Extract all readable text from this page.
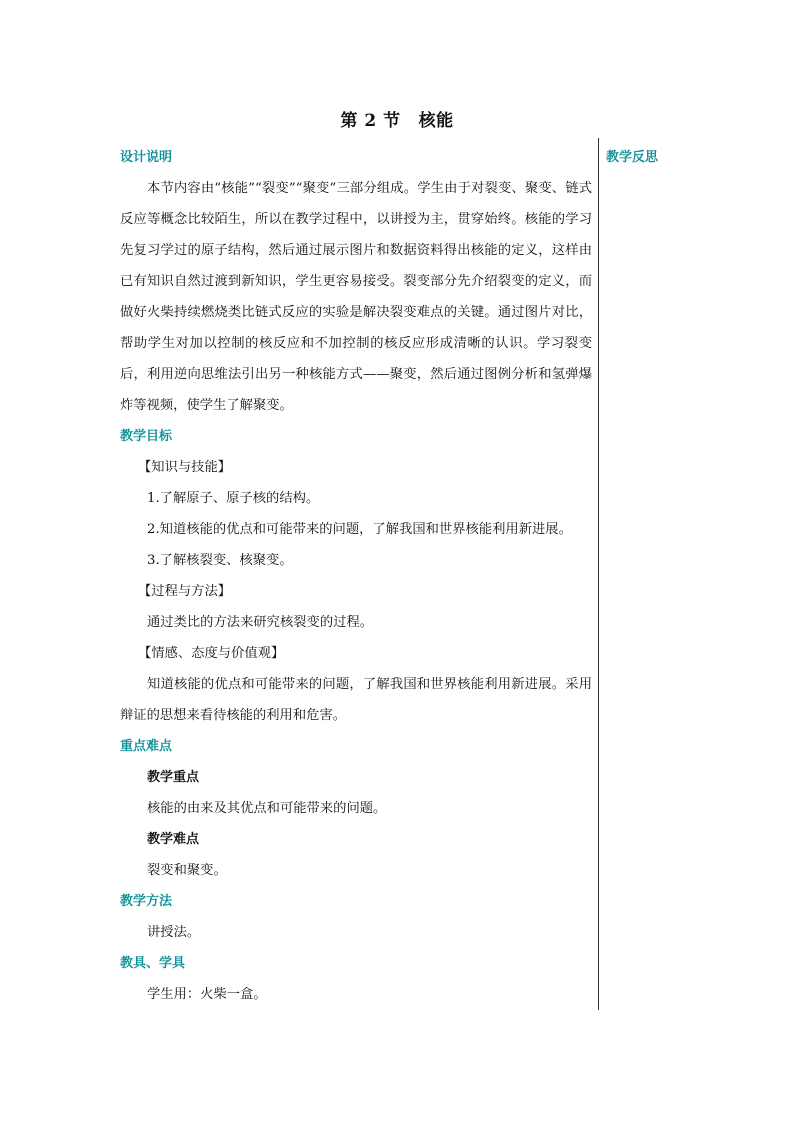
第 2 节 核能
教学反思

设计说明

本节内容由“核能”“裂变”“聚变”三部分组成。学生由于对裂变、聚变、链式反应等概念比较陌生，所以在教学过程中，以讲授为主，贯穿始终。核能的学习先复习学过的原子结构，然后通过展示图片和数据资料得出核能的定义，这样由已有知识自然过渡到新知识，学生更容易接受。裂变部分先介绍裂变的定义，而做好火柴持续燃烧类比链式反应的实验是解决裂变难点的关键。通过图片对比，帮助学生对加以控制的核反应和不加控制的核反应形成清晰的认识。学习裂变后，利用逆向思维法引出另一种核能方式——聚变，然后通过图例分析和氢弹爆炸等视频，使学生了解聚变。

教学目标

【知识与技能】

1.了解原子、原子核的结构。

2.知道核能的优点和可能带来的问题，了解我国和世界核能利用新进展。

3.了解核裂变、核聚变。

【过程与方法】

通过类比的方法来研究核裂变的过程。

【情感、态度与价值观】

知道核能的优点和可能带来的问题，了解我国和世界核能利用新进展。采用辩证的思想来看待核能的利用和危害。

重点难点

教学重点

核能的由来及其优点和可能带来的问题。

教学难点

裂变和聚变。

教学方法

讲授法。

教具、学具

学生用：火柴一盒。
